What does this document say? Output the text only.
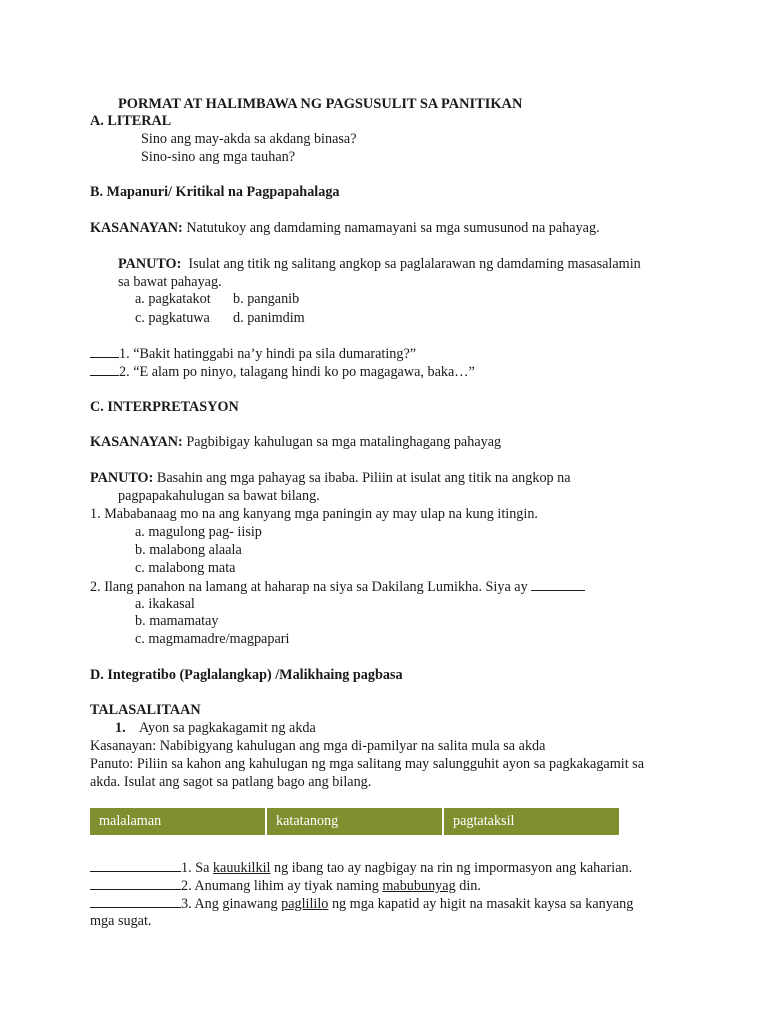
PORMAT AT HALIMBAWA NG PAGSUSULIT SA PANITIKAN
A. LITERAL
Sino ang may-akda sa akdang binasa?
Sino-sino ang mga tauhan?
B. Mapanuri/ Kritikal na Pagpapahalaga
KASANAYAN: Natutukoy ang damdaming namamayani sa mga sumusunod na pahayag.
PANUTO: Isulat ang titik ng salitang angkop sa paglalarawan ng damdaming masasalamin
sa bawat pahayag.
a. pagkatakot b. panganib
c. pagkatuwa d. panimdim
1. “Bakit hatinggabi na’y hindi pa sila dumarating?”
2. “E alam po ninyo, talagang hindi ko po magagawa, baka…”
C. INTERPRETASYON
KASANAYAN: Pagbibigay kahulugan sa mga matalinghagang pahayag
PANUTO: Basahin ang mga pahayag sa ibaba. Piliin at isulat ang titik na angkop na
pagpapakahulugan sa bawat bilang.
1. Mababanaag mo na ang kanyang mga paningin ay may ulap na kung itingin.
a. magulong pag- iisip
b. malabong alaala
c. malabong mata
2. Ilang panahon na lamang at haharap na siya sa Dakilang Lumikha. Siya ay
a. ikakasal
b. mamamatay
c. magmamadre/magpapari
D. Integratibo (Paglalangkap) /Malikhaing pagbasa
TALASALITAAN
1. Ayon sa pagkakagamit ng akda
Kasanayan: Nabibigyang kahulugan ang mga di-pamilyar na salita mula sa akda
Panuto: Piliin sa kahon ang kahulugan ng mga salitang may salungguhit ayon sa pagkakagamit sa
akda. Isulat ang sagot sa patlang bago ang bilang.
malalaman	katatanong	pagtataksil
1. Sa kauukilkil ng ibang tao ay nagbigay na rin ng impormasyon ang kaharian.
2. Anumang lihim ay tiyak naming mabubunyag din.
3. Ang ginawang paglililo ng mga kapatid ay higit na masakit kaysa sa kanyang
mga sugat.
